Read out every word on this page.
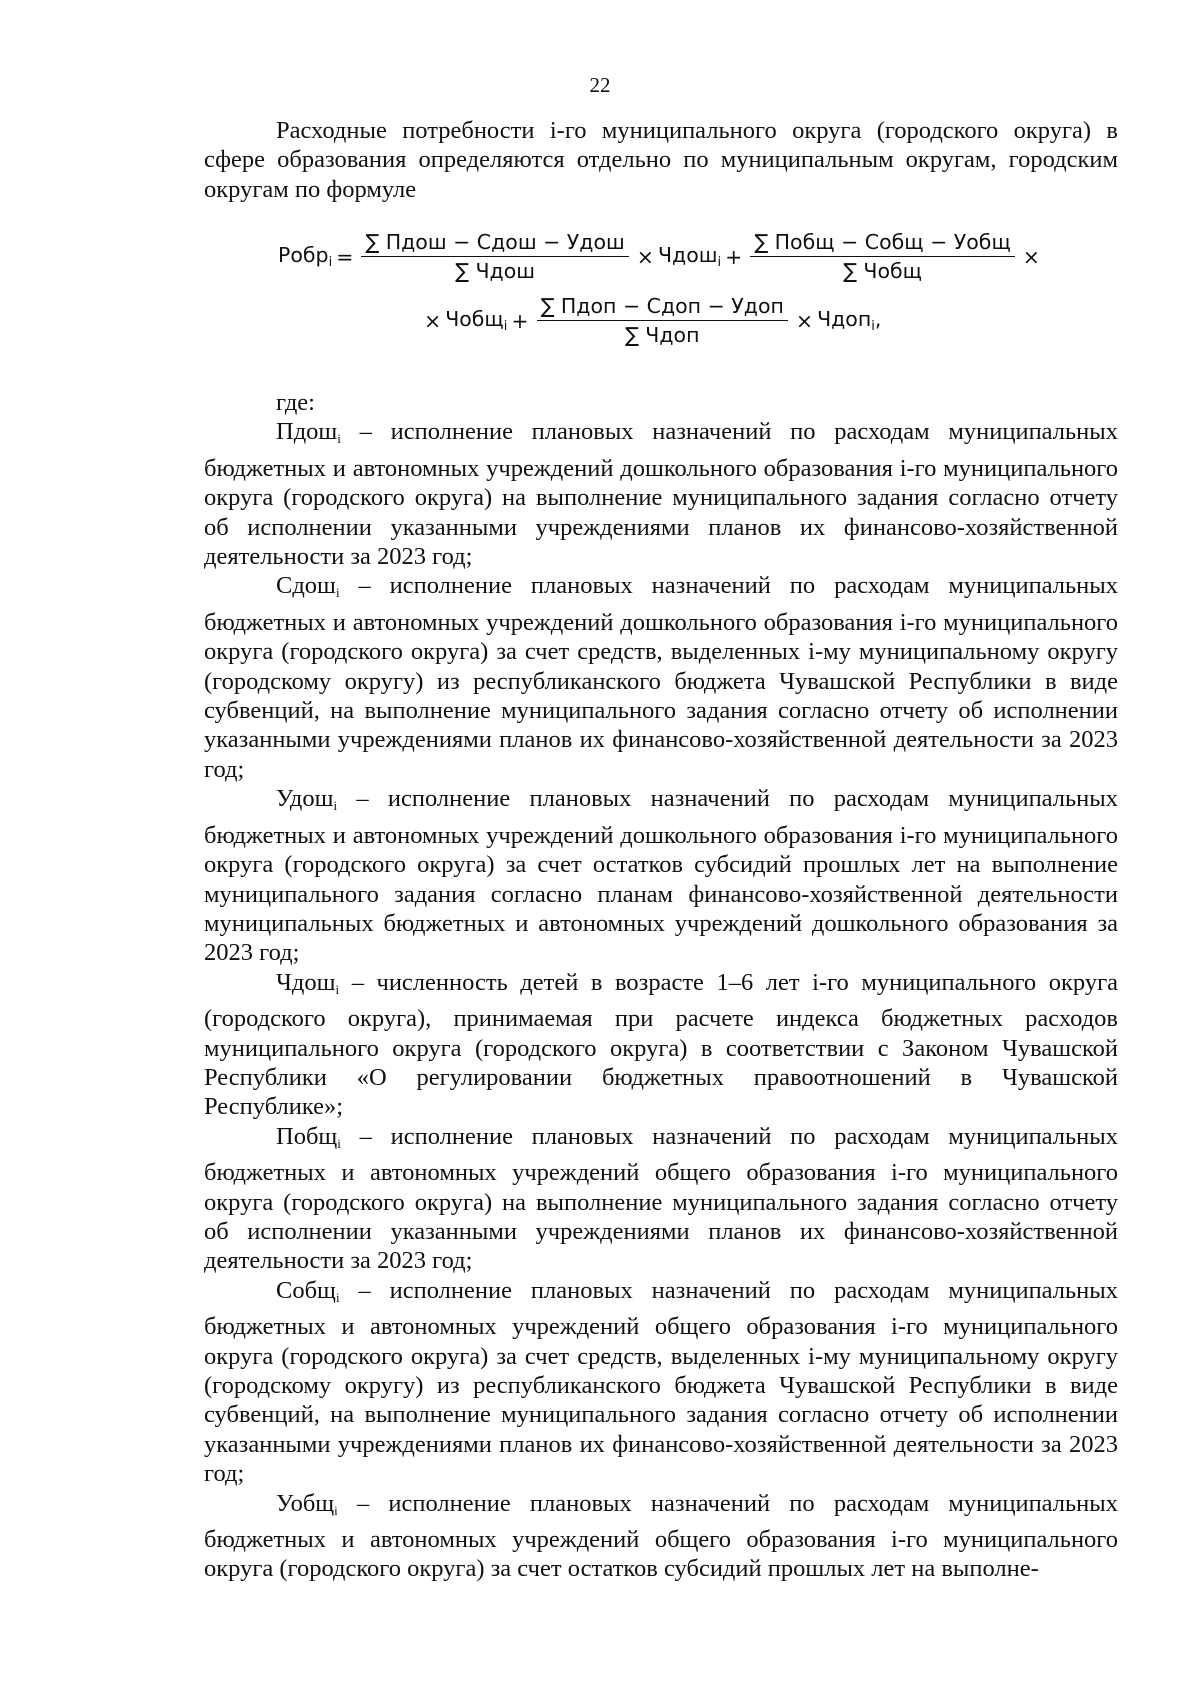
22

Расходные потребности i-го муниципального округа (городского округа) в сфере образования определяются отдельно по муниципальным округам, городским округам по формуле

Робр$_i$ = $\frac{\text{∑ Пдош − Сдош − Удош}}{\text{∑ Чдош}}$ × Чдош$_i$ + $\frac{\text{∑ Побщ − Собщ − Уобщ}}{\text{∑ Чобщ}}$ ×
× Чобщ$_i$ + $\frac{\text{∑ Пдоп − Сдоп − Удоп}}{\text{∑ Чдоп}}$ × Чдоп$_i$,

где:

Пдош$_i$ – исполнение плановых назначений по расходам муниципальных бюджетных и автономных учреждений дошкольного образования i-го муниципального округа (городского округа) на выполнение муниципального задания согласно отчету об исполнении указанными учреждениями планов их финансово-хозяйственной деятельности за 2023 год;

Сдош$_i$ – исполнение плановых назначений по расходам муниципальных бюджетных и автономных учреждений дошкольного образования i-го муниципального округа (городского округа) за счет средств, выделенных i-му муниципальному округу (городскому округу) из республиканского бюджета Чувашской Республики в виде субвенций, на выполнение муниципального задания согласно отчету об исполнении указанными учреждениями планов их финансово-хозяйственной деятельности за 2023 год;

Удош$_i$ – исполнение плановых назначений по расходам муниципальных бюджетных и автономных учреждений дошкольного образования i-го муниципального округа (городского округа) за счет остатков субсидий прошлых лет на выполнение муниципального задания согласно планам финансово-хозяйственной деятельности муниципальных бюджетных и автономных учреждений дошкольного образования за 2023 год;

Чдош$_i$ – численность детей в возрасте 1–6 лет i-го муниципального округа (городского округа), принимаемая при расчете индекса бюджетных расходов муниципального округа (городского округа) в соответствии с Законом Чувашской Республики «О регулировании бюджетных правоотношений в Чувашской Республике»;

Побщ$_i$ – исполнение плановых назначений по расходам муниципальных бюджетных и автономных учреждений общего образования i-го муниципального округа (городского округа) на выполнение муниципального задания согласно отчету об исполнении указанными учреждениями планов их финансово-хозяйственной деятельности за 2023 год;

Собщ$_i$ – исполнение плановых назначений по расходам муниципальных бюджетных и автономных учреждений общего образования i-го муниципального округа (городского округа) за счет средств, выделенных i-му муниципальному округу (городскому округу) из республиканского бюджета Чувашской Республики в виде субвенций, на выполнение муниципального задания согласно отчету об исполнении указанными учреждениями планов их финансово-хозяйственной деятельности за 2023 год;

Уобщ$_i$ – исполнение плановых назначений по расходам муниципальных бюджетных и автономных учреждений общего образования i-го муниципального округа (городского округа) за счет остатков субсидий прошлых лет на выполне-
